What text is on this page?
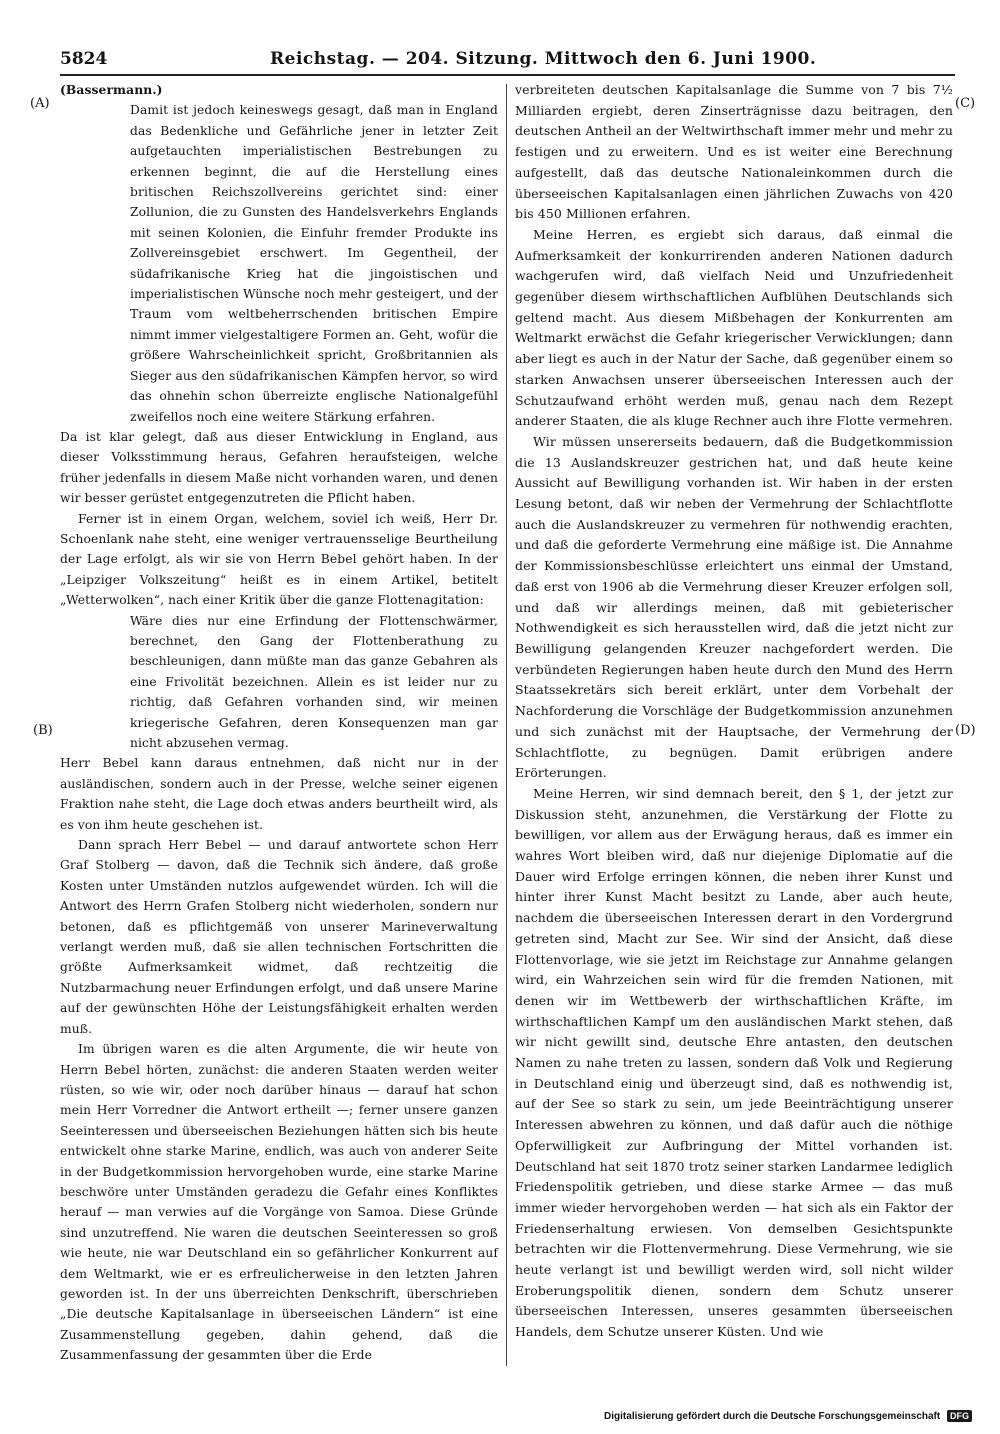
5824	Reichstag. — 204. Sitzung. Mittwoch den 6. Juni 1900.
(A)
(B)
(C)
(D)
(Bassermann.)

Damit ist jedoch keineswegs gesagt, daß man in England das Bedenkliche und Gefährliche jener in letzter Zeit aufgetauchten imperialistischen Bestrebungen zu erkennen beginnt, die auf die Herstellung eines britischen Reichszollvereins gerichtet sind: einer Zollunion, die zu Gunsten des Handelsverkehrs Englands mit seinen Kolonien, die Einfuhr fremder Produkte ins Zollvereinsgebiet erschwert. Im Gegentheil, der südafrikanische Krieg hat die jingoistischen und imperialistischen Wünsche noch mehr gesteigert, und der Traum vom weltbeherrschenden britischen Empire nimmt immer vielgestaltigere Formen an. Geht, wofür die größere Wahrscheinlichkeit spricht, Großbritannien als Sieger aus den südafrikanischen Kämpfen hervor, so wird das ohnehin schon überreizte englische Nationalgefühl zweifellos noch eine weitere Stärkung erfahren.

Da ist klar gelegt, daß aus dieser Entwicklung in England, aus dieser Volksstimmung heraus, Gefahren heraufsteigen, welche früher jedenfalls in diesem Maße nicht vorhanden waren, und denen wir besser gerüstet entgegenzutreten die Pflicht haben.

Ferner ist in einem Organ, welchem, soviel ich weiß, Herr Dr. Schoenlank nahe steht, eine weniger vertrauensselige Beurtheilung der Lage erfolgt, als wir sie von Herrn Bebel gehört haben. In der „Leipziger Volkszeitung“ heißt es in einem Artikel, betitelt „Wetterwolken“, nach einer Kritik über die ganze Flottenagitation:

Wäre dies nur eine Erfindung der Flottenschwärmer, berechnet, den Gang der Flottenberathung zu beschleunigen, dann müßte man das ganze Gebahren als eine Frivolität bezeichnen. Allein es ist leider nur zu richtig, daß Gefahren vorhanden sind, wir meinen kriegerische Gefahren, deren Konsequenzen man gar nicht abzusehen vermag.

Herr Bebel kann daraus entnehmen, daß nicht nur in der ausländischen, sondern auch in der Presse, welche seiner eigenen Fraktion nahe steht, die Lage doch etwas anders beurtheilt wird, als es von ihm heute geschehen ist.

Dann sprach Herr Bebel — und darauf antwortete schon Herr Graf Stolberg — davon, daß die Technik sich ändere, daß große Kosten unter Umständen nutzlos aufgewendet würden. Ich will die Antwort des Herrn Grafen Stolberg nicht wiederholen, sondern nur betonen, daß es pflichtgemäß von unserer Marineverwaltung verlangt werden muß, daß sie allen technischen Fortschritten die größte Aufmerksamkeit widmet, daß rechtzeitig die Nutzbarmachung neuer Erfindungen erfolgt, und daß unsere Marine auf der gewünschten Höhe der Leistungsfähigkeit erhalten werden muß.

Im übrigen waren es die alten Argumente, die wir heute von Herrn Bebel hörten, zunächst: die anderen Staaten werden weiter rüsten, so wie wir, oder noch darüber hinaus — darauf hat schon mein Herr Vorredner die Antwort ertheilt —; ferner unsere ganzen Seeinteressen und überseeischen Beziehungen hätten sich bis heute entwickelt ohne starke Marine, endlich, was auch von anderer Seite in der Budgetkommission hervorgehoben wurde, eine starke Marine beschwöre unter Umständen geradezu die Gefahr eines Konfliktes herauf — man verwies auf die Vorgänge von Samoa. Diese Gründe sind unzutreffend. Nie waren die deutschen Seeinteressen so groß wie heute, nie war Deutschland ein so gefährlicher Konkurrent auf dem Weltmarkt, wie er es erfreulicherweise in den letzten Jahren geworden ist. In der uns überreichten Denkschrift, überschrieben „Die deutsche Kapitalsanlage in überseeischen Ländern“ ist eine Zusammenstellung gegeben, dahin gehend, daß die Zusammenfassung der gesammten über die Erde

verbreiteten deutschen Kapitalsanlage die Summe von 7 bis 7½ Milliarden ergiebt, deren Zinserträgnisse dazu beitragen, den deutschen Antheil an der Weltwirthschaft immer mehr und mehr zu festigen und zu erweitern. Und es ist weiter eine Berechnung aufgestellt, daß das deutsche Nationaleinkommen durch die überseeischen Kapitalsanlagen einen jährlichen Zuwachs von 420 bis 450 Millionen erfahren.

Meine Herren, es ergiebt sich daraus, daß einmal die Aufmerksamkeit der konkurrirenden anderen Nationen dadurch wachgerufen wird, daß vielfach Neid und Unzufriedenheit gegenüber diesem wirthschaftlichen Aufblühen Deutschlands sich geltend macht. Aus diesem Mißbehagen der Konkurrenten am Weltmarkt erwächst die Gefahr kriegerischer Verwicklungen; dann aber liegt es auch in der Natur der Sache, daß gegenüber einem so starken Anwachsen unserer überseeischen Interessen auch der Schutzaufwand erhöht werden muß, genau nach dem Rezept anderer Staaten, die als kluge Rechner auch ihre Flotte vermehren.

Wir müssen unsererseits bedauern, daß die Budgetkommission die 13 Auslandskreuzer gestrichen hat, und daß heute keine Aussicht auf Bewilligung vorhanden ist. Wir haben in der ersten Lesung betont, daß wir neben der Vermehrung der Schlachtflotte auch die Auslandskreuzer zu vermehren für nothwendig erachten, und daß die geforderte Vermehrung eine mäßige ist. Die Annahme der Kommissionsbeschlüsse erleichtert uns einmal der Umstand, daß erst von 1906 ab die Vermehrung dieser Kreuzer erfolgen soll, und daß wir allerdings meinen, daß mit gebieterischer Nothwendigkeit es sich herausstellen wird, daß die jetzt nicht zur Bewilligung gelangenden Kreuzer nachgefordert werden. Die verbündeten Regierungen haben heute durch den Mund des Herrn Staatssekretärs sich bereit erklärt, unter dem Vorbehalt der Nachforderung die Vorschläge der Budgetkommission anzunehmen und sich zunächst mit der Hauptsache, der Vermehrung der Schlachtflotte, zu begnügen. Damit erübrigen andere Erörterungen.

Meine Herren, wir sind demnach bereit, den § 1, der jetzt zur Diskussion steht, anzunehmen, die Verstärkung der Flotte zu bewilligen, vor allem aus der Erwägung heraus, daß es immer ein wahres Wort bleiben wird, daß nur diejenige Diplomatie auf die Dauer wird Erfolge erringen können, die neben ihrer Kunst und hinter ihrer Kunst Macht besitzt zu Lande, aber auch heute, nachdem die überseeischen Interessen derart in den Vordergrund getreten sind, Macht zur See. Wir sind der Ansicht, daß diese Flottenvorlage, wie sie jetzt im Reichstage zur Annahme gelangen wird, ein Wahrzeichen sein wird für die fremden Nationen, mit denen wir im Wettbewerb der wirthschaftlichen Kräfte, im wirthschaftlichen Kampf um den ausländischen Markt stehen, daß wir nicht gewillt sind, deutsche Ehre antasten, den deutschen Namen zu nahe treten zu lassen, sondern daß Volk und Regierung in Deutschland einig und überzeugt sind, daß es nothwendig ist, auf der See so stark zu sein, um jede Beeinträchtigung unserer Interessen abwehren zu können, und daß dafür auch die nöthige Opferwilligkeit zur Aufbringung der Mittel vorhanden ist. Deutschland hat seit 1870 trotz seiner starken Landarmee lediglich Friedenspolitik getrieben, und diese starke Armee — das muß immer wieder hervorgehoben werden — hat sich als ein Faktor der Friedenserhaltung erwiesen. Von demselben Gesichtspunkte betrachten wir die Flottenvermehrung. Diese Vermehrung, wie sie heute verlangt ist und bewilligt werden wird, soll nicht wilder Eroberungspolitik dienen, sondern dem Schutz unserer überseeischen Interessen, unseres gesammten überseeischen Handels, dem Schutze unserer Küsten. Und wie

Digitalisierung gefördert durch die Deutsche Forschungsgemeinschaft DFG
